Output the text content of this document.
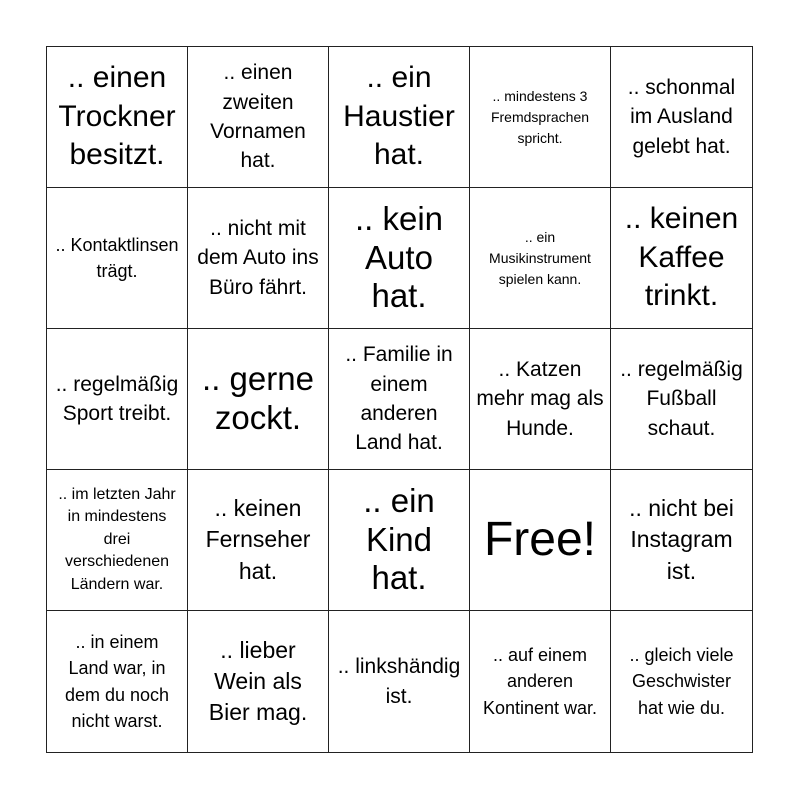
.. einen Trockner besitzt.
.. einen zweiten Vornamen hat.
.. ein Haustier hat.
.. mindestens 3 Fremdsprachen spricht.
.. schonmal im Ausland gelebt hat.
.. Kontaktlinsen trägt.
.. nicht mit dem Auto ins Büro fährt.
.. kein Auto hat.
.. ein Musikinstrument spielen kann.
.. keinen Kaffee trinkt.
.. regelmäßig Sport treibt.
.. gerne zockt.
.. Familie in einem anderen Land hat.
.. Katzen mehr mag als Hunde.
.. regelmäßig Fußball schaut.
.. im letzten Jahr in mindestens drei verschiedenen Ländern war.
.. keinen Fernseher hat.
.. ein Kind hat.
Free!
.. nicht bei Instagram ist.
.. in einem Land war, in dem du noch nicht warst.
.. lieber Wein als Bier mag.
.. linkshändig ist.
.. auf einem anderen Kontinent war.
.. gleich viele Geschwister hat wie du.
